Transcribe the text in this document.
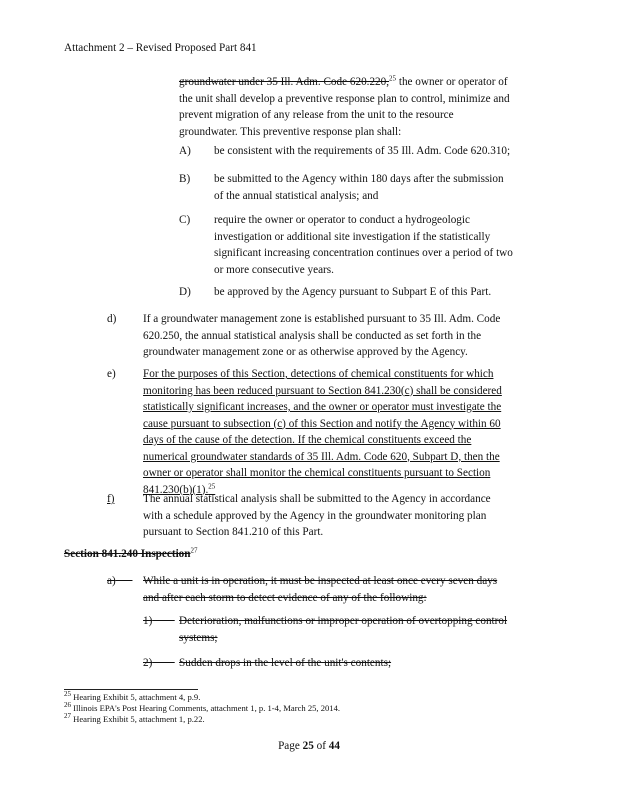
Attachment 2 – Revised Proposed Part 841
groundwater under 35 Ill. Adm. Code 620.220,25 the owner or operator of
the unit shall develop a preventive response plan to control, minimize and
prevent migration of any release from the unit to the resource
groundwater. This preventive response plan shall:
A) be consistent with the requirements of 35 Ill. Adm. Code 620.310;
B) be submitted to the Agency within 180 days after the submission
of the annual statistical analysis; and
C) require the owner or operator to conduct a hydrogeologic
investigation or additional site investigation if the statistically
significant increasing concentration continues over a period of two
or more consecutive years.
D) be approved by the Agency pursuant to Subpart E of this Part.
d) If a groundwater management zone is established pursuant to 35 Ill. Adm. Code
620.250, the annual statistical analysis shall be conducted as set forth in the
groundwater management zone or as otherwise approved by the Agency.
e) For the purposes of this Section, detections of chemical constituents for which
monitoring has been reduced pursuant to Section 841.230(c) shall be considered
statistically significant increases, and the owner or operator must investigate the
cause pursuant to subsection (c) of this Section and notify the Agency within 60
days of the cause of the detection. If the chemical constituents exceed the
numerical groundwater standards of 35 Ill. Adm. Code 620, Subpart D, then the
owner or operator shall monitor the chemical constituents pursuant to Section
841.230(b)(1).$^{25}$
f)	The annual statistical analysis shall be submitted to the Agency in accordance
with a schedule approved by the Agency in the groundwater monitoring plan
pursuant to Section 841.210 of this Part.
Section 841.240 Inspection$^{27}$
a)  	While a unit is in operation, it must be inspected at least once every seven days
and after each storm to detect evidence of any of the following:
1)  	Deterioration, malfunctions or improper operation of overtopping control
systems;
2)  	Sudden drops in the level of the unit's contents;
$^{25}$ Hearing Exhibit 5, attachment 4, p.9.
$^{26}$ Illinois EPA's Post Hearing Comments, attachment 1, p. 1-4, March 25, 2014.
$^{27}$ Hearing Exhibit 5, attachment 1, p.22.
Page 25 of 44
